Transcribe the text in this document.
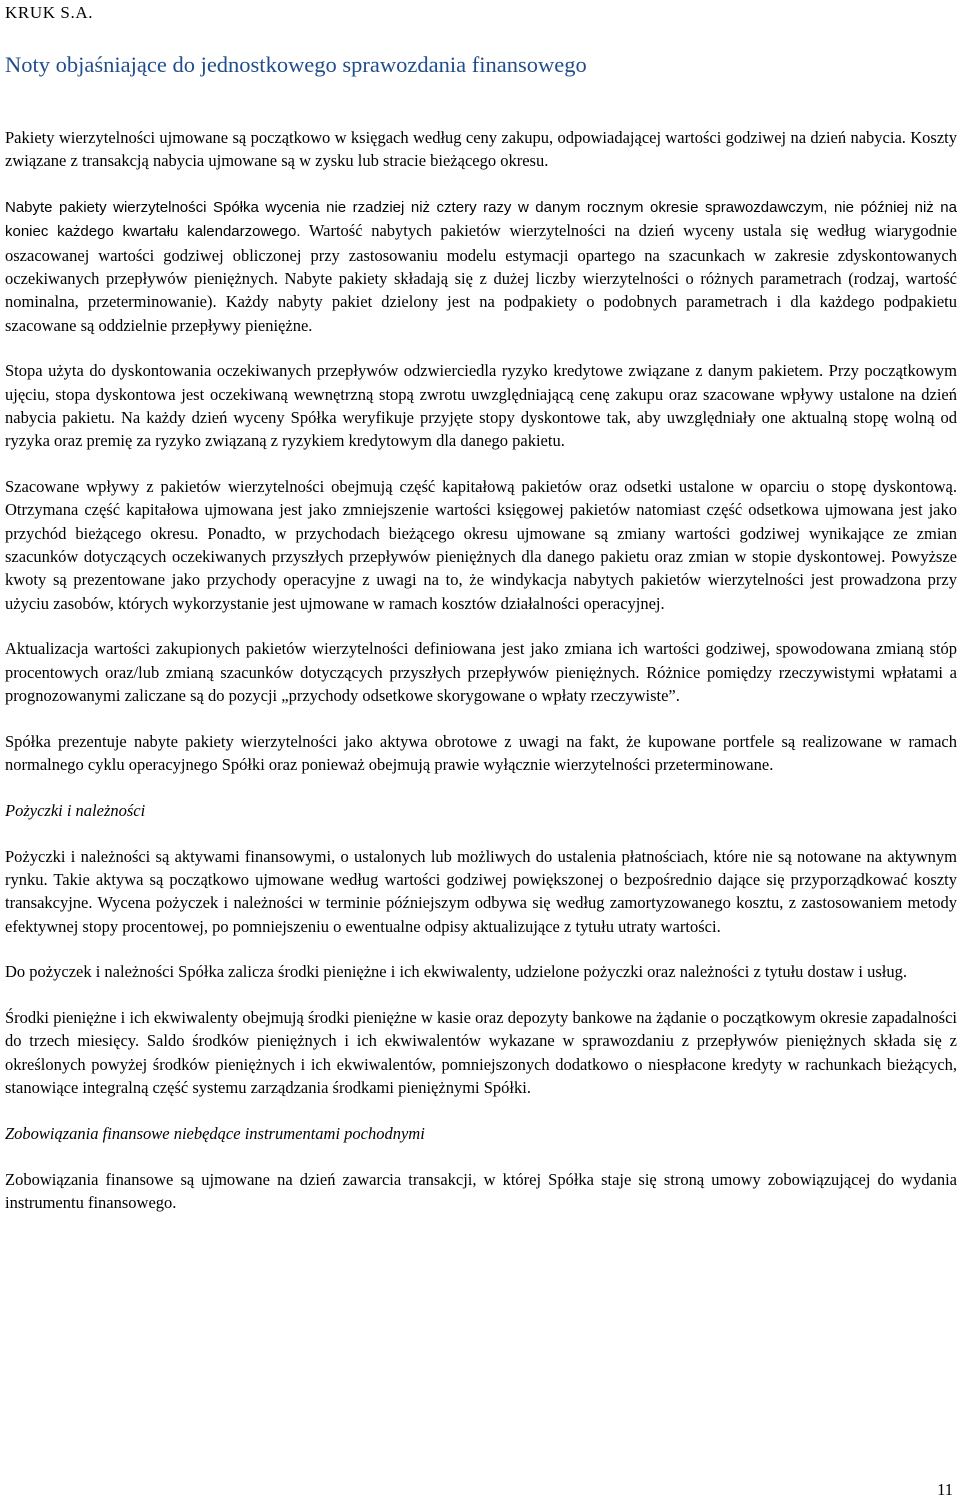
KRUK S.A.
Noty objaśniające do jednostkowego sprawozdania finansowego

Pakiety wierzytelności ujmowane są początkowo w księgach według ceny zakupu, odpowiadającej wartości godziwej na dzień nabycia. Koszty związane z transakcją nabycia ujmowane są w zysku lub stracie bieżącego okresu.

Nabyte pakiety wierzytelności Spółka wycenia nie rzadziej niż cztery razy w danym rocznym okresie sprawozdawczym, nie później niż na koniec każdego kwartału kalendarzowego. Wartość nabytych pakietów wierzytelności na dzień wyceny ustala się według wiarygodnie oszacowanej wartości godziwej obliczonej przy zastosowaniu modelu estymacji opartego na szacunkach w zakresie zdyskontowanych oczekiwanych przepływów pieniężnych. Nabyte pakiety składają się z dużej liczby wierzytelności o różnych parametrach (rodzaj, wartość nominalna, przeterminowanie). Każdy nabyty pakiet dzielony jest na podpakiety o podobnych parametrach i dla każdego podpakietu szacowane są oddzielnie przepływy pieniężne.

Stopa użyta do dyskontowania oczekiwanych przepływów odzwierciedla ryzyko kredytowe związane z danym pakietem. Przy początkowym ujęciu, stopa dyskontowa jest oczekiwaną wewnętrzną stopą zwrotu uwzględniającą cenę zakupu oraz szacowane wpływy ustalone na dzień nabycia pakietu. Na każdy dzień wyceny Spółka weryfikuje przyjęte stopy dyskontowe tak, aby uwzględniały one aktualną stopę wolną od ryzyka oraz premię za ryzyko związaną z ryzykiem kredytowym dla danego pakietu.

Szacowane wpływy z pakietów wierzytelności obejmują część kapitałową pakietów oraz odsetki ustalone w oparciu o stopę dyskontową. Otrzymana część kapitałowa ujmowana jest jako zmniejszenie wartości księgowej pakietów natomiast część odsetkowa ujmowana jest jako przychód bieżącego okresu. Ponadto, w przychodach bieżącego okresu ujmowane są zmiany wartości godziwej wynikające ze zmian szacunków dotyczących oczekiwanych przyszłych przepływów pieniężnych dla danego pakietu oraz zmian w stopie dyskontowej. Powyższe kwoty są prezentowane jako przychody operacyjne z uwagi na to, że windykacja nabytych pakietów wierzytelności jest prowadzona przy użyciu zasobów, których wykorzystanie jest ujmowane w ramach kosztów działalności operacyjnej.

Aktualizacja wartości zakupionych pakietów wierzytelności definiowana jest jako zmiana ich wartości godziwej, spowodowana zmianą stóp procentowych oraz/lub zmianą szacunków dotyczących przyszłych przepływów pieniężnych. Różnice pomiędzy rzeczywistymi wpłatami a prognozowanymi zaliczane są do pozycji „przychody odsetkowe skorygowane o wpłaty rzeczywiste”.

Spółka prezentuje nabyte pakiety wierzytelności jako aktywa obrotowe z uwagi na fakt, że kupowane portfele są realizowane w ramach normalnego cyklu operacyjnego Spółki oraz ponieważ obejmują prawie wyłącznie wierzytelności przeterminowane.

Pożyczki i należności

Pożyczki i należności są aktywami finansowymi, o ustalonych lub możliwych do ustalenia płatnościach, które nie są notowane na aktywnym rynku. Takie aktywa są początkowo ujmowane według wartości godziwej powiększonej o bezpośrednio dające się przyporządkować koszty transakcyjne. Wycena pożyczek i należności w terminie późniejszym odbywa się według zamortyzowanego kosztu, z zastosowaniem metody efektywnej stopy procentowej, po pomniejszeniu o ewentualne odpisy aktualizujące z tytułu utraty wartości.

Do pożyczek i należności Spółka zalicza środki pieniężne i ich ekwiwalenty, udzielone pożyczki oraz należności z tytułu dostaw i usług.

Środki pieniężne i ich ekwiwalenty obejmują środki pieniężne w kasie oraz depozyty bankowe na żądanie o początkowym okresie zapadalności do trzech miesięcy. Saldo środków pieniężnych i ich ekwiwalentów wykazane w sprawozdaniu z przepływów pieniężnych składa się z określonych powyżej środków pieniężnych i ich ekwiwalentów, pomniejszonych dodatkowo o niespłacone kredyty w rachunkach bieżących, stanowiące integralną część systemu zarządzania środkami pieniężnymi Spółki.

Zobowiązania finansowe niebędące instrumentami pochodnymi

Zobowiązania finansowe są ujmowane na dzień zawarcia transakcji, w której Spółka staje się stroną umowy zobowiązującej do wydania instrumentu finansowego.

11
